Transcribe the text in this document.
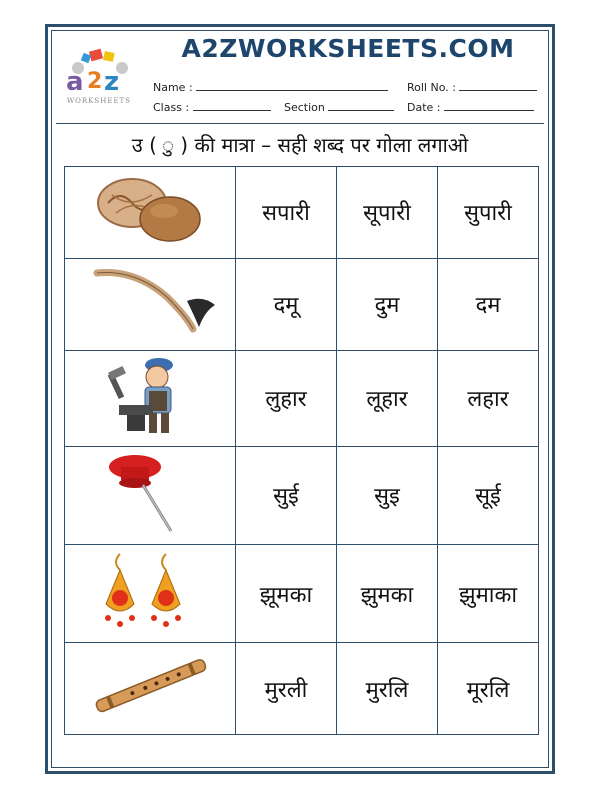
a 2 z
WORKSHEETS
A2ZWORKSHEETS.COM
Name :	Roll No. :
Class :	Section	Date :
उ ( ु ) की मात्रा – सही शब्द पर गोला लगाओ
	सपारी	सूपारी	सुपारी
	दमू	दुम	दम
	लुहार	लूहार	लहार
	सुई	सुइ	सूई
	झूमका	झुमका	झुमाका
	मुरली	मुरलि	मूरलि
